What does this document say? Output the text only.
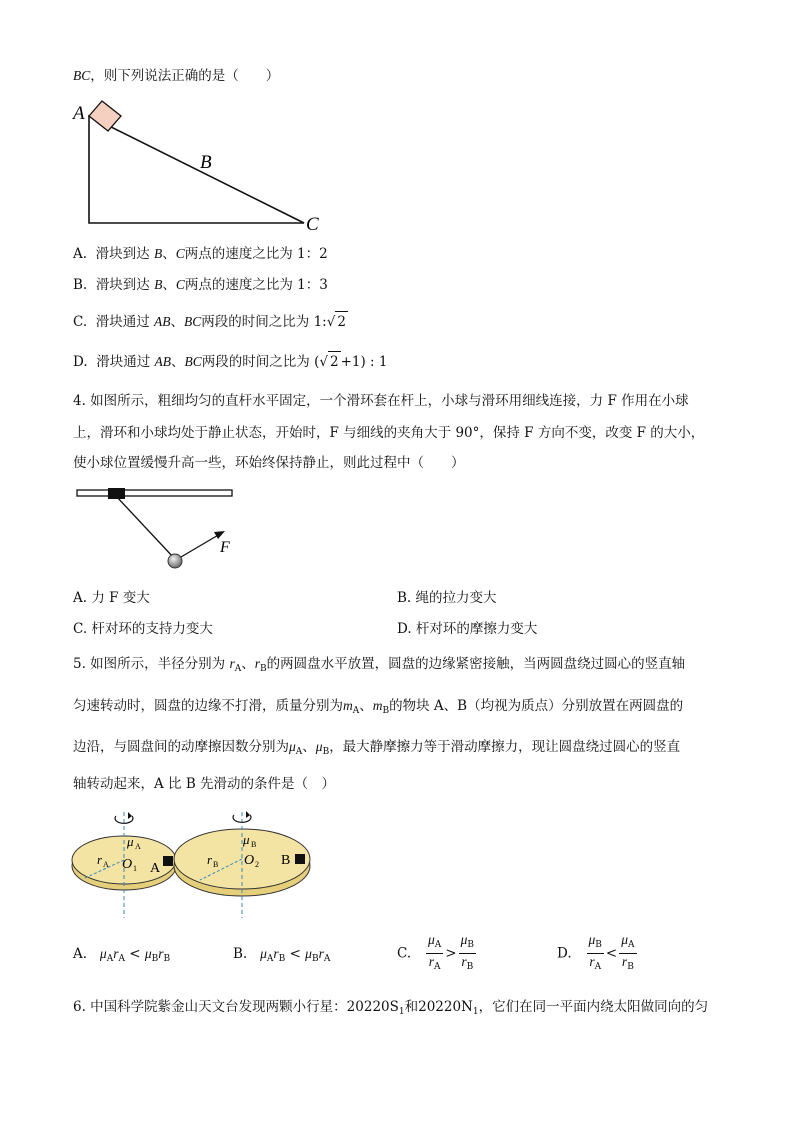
BC，则下列说法正确的是（　　）
A
B
C
A. 滑块到达 B、C两点的速度之比为 1：2
B. 滑块到达 B、C两点的速度之比为 1：3
C. 滑块通过 AB、BC两段的时间之比为 1:√ 2
D. 滑块通过 AB、BC两段的时间之比为 (√ 2 +1) : 1
4. 如图所示，粗细均匀的直杆水平固定，一个滑环套在杆上，小球与滑环用细线连接，力 F 作用在小球
上，滑环和小球均处于静止状态，开始时，F 与细线的夹角大于 90°，保持 F 方向不变，改变 F 的大小，
使小球位置缓慢升高一些，环始终保持静止，则此过程中（　　）
F
A. 力 F 变大	B. 绳的拉力变大
C. 杆对环的支持力变大	D. 杆对环的摩擦力变大
5. 如图所示，半径分别为 $r_A$、$r_B$的两圆盘水平放置，圆盘的边缘紧密接触，当两圆盘绕过圆心的竖直轴
匀速转动时，圆盘的边缘不打滑，质量分别为$m_A$、$m_B$的物块 A、B（均视为质点）分别放置在两圆盘的
边沿，与圆盘间的动摩擦因数分别为$\mu_A$、$\mu_B$，最大静摩擦力等于滑动摩擦力，现让圆盘绕过圆心的竖直
轴转动起来，A 比 B 先滑动的条件是（　）
μ A
r A O 1 A
μ B
r B O 2 B
A. $\mu_Ar_A < \mu_Br_B$	B. $\mu_Ar_B < \mu_Br_A$	C. $\frac{\mu_A}{r_A} > \frac{\mu_B}{r_B}$	D. $\frac{\mu_B}{r_A} < \frac{\mu_A}{r_B}$
6. 中国科学院紫金山天文台发现两颗小行星：$20220S_1$和$20220N_1$，它们在同一平面内绕太阳做同向的匀
